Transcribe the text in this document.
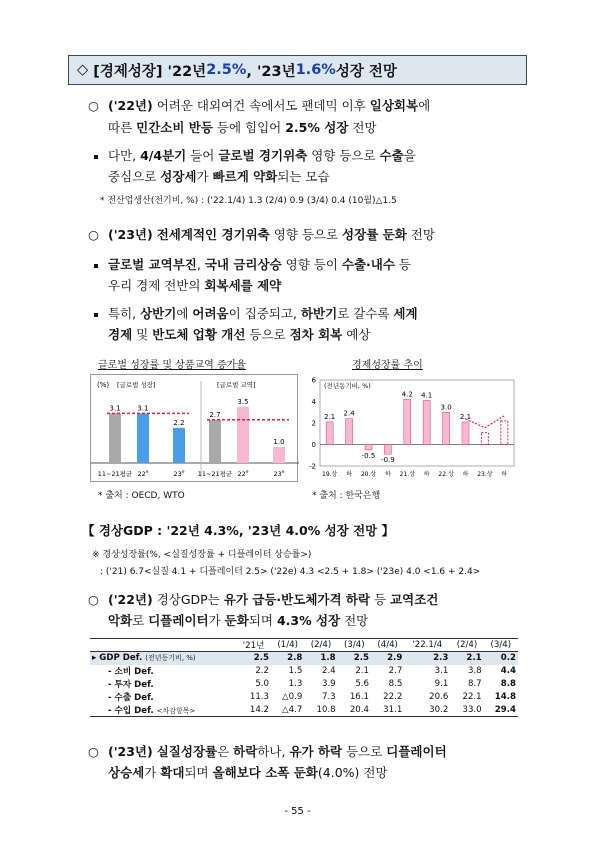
◇
[경제성장] '22년 2.5% , '23년 1.6% 성장 전망
○ ('22년) 어려운 대외여건 속에서도 팬데믹 이후 일상회복에
따른 민간소비 반등 등에 힘입어 2.5% 성장 전망
다만, 4/4분기 들어 글로벌 경기위축 영향 등으로 수출을
중심으로 성장세가 빠르게 약화되는 모습
* 전산업생산(전기비, %) : ('22.1/4) 1.3 (2/4) 0.9 (3/4) 0.4 (10월)△1.5
○ ('23년) 전세계적인 경기위축 영향 등으로 성장률 둔화 전망
글로벌 교역부진, 국내 금리상승 영향 등이 수출·내수 등
우리 경제 전반의 회복세를 제약
특히, 상반기에 어려움이 집중되고, 하반기로 갈수록 세계
경제 및 반도체 업황 개선 등으로 점차 회복 예상
글로벌 성장률 및 상품교역 증가율
(%) [글로벌 성장]	[글로벌 교역]
3.1
11~21평균
3.1
22e
2.2
23e
2.7
11~21평균
3.5
22e
1.0
23e
* 출처 : OECD, WTO
경제성장률 추이
(전년동기비, %)
-2
0
2
4
6
19.상
2.1
하
2.4
20.상
-0.5
하
-0.9
21.상
4.2
하
4.1
22.상
3.0
하
2.1
23.상 하
* 출처 : 한국은행
【 경상GDP : '22년 4.3%, '23년 4.0% 성장 전망 】
※ 경상성장률(%, <실질성장률 + 디플레이터 상승률>)
: ('21) 6.7<실질 4.1 + 디플레이터 2.5> ('22e) 4.3 <2.5 + 1.8> ('23e) 4.0 <1.6 + 2.4>
○ ('22년) 경상GDP는 유가 급등·반도체가격 하락 등 교역조건
악화로 디플레이터가 둔화되며 4.3% 성장 전망
	'21년	(1/4)	(2/4)	(3/4)	(4/4)	'22.1/4	(2/4)	(3/4)
▸ GDP Def. (전년동기비, %)	2.5	2.8	1.8	2.5	2.9	2.3	2.1	0.2
- 소비 Def.	2.2	1.5	2.4	2.1	2.7	3.1	3.8	4.4
- 투자 Def.	5.0	1.3	3.9	5.6	8.5	9.1	8.7	8.8
- 수출 Def.	11.3	△0.9	7.3	16.1	22.2	20.6	22.1	14.8
- 수입 Def. <차감항목>	14.2	△4.7	10.8	20.4	31.1	30.2	33.0	29.4
○ ('23년) 실질성장률은 하락하나, 유가 하락 등으로 디플레이터
상승세가 확대되며 올해보다 소폭 둔화(4.0%) 전망
- 55 -
